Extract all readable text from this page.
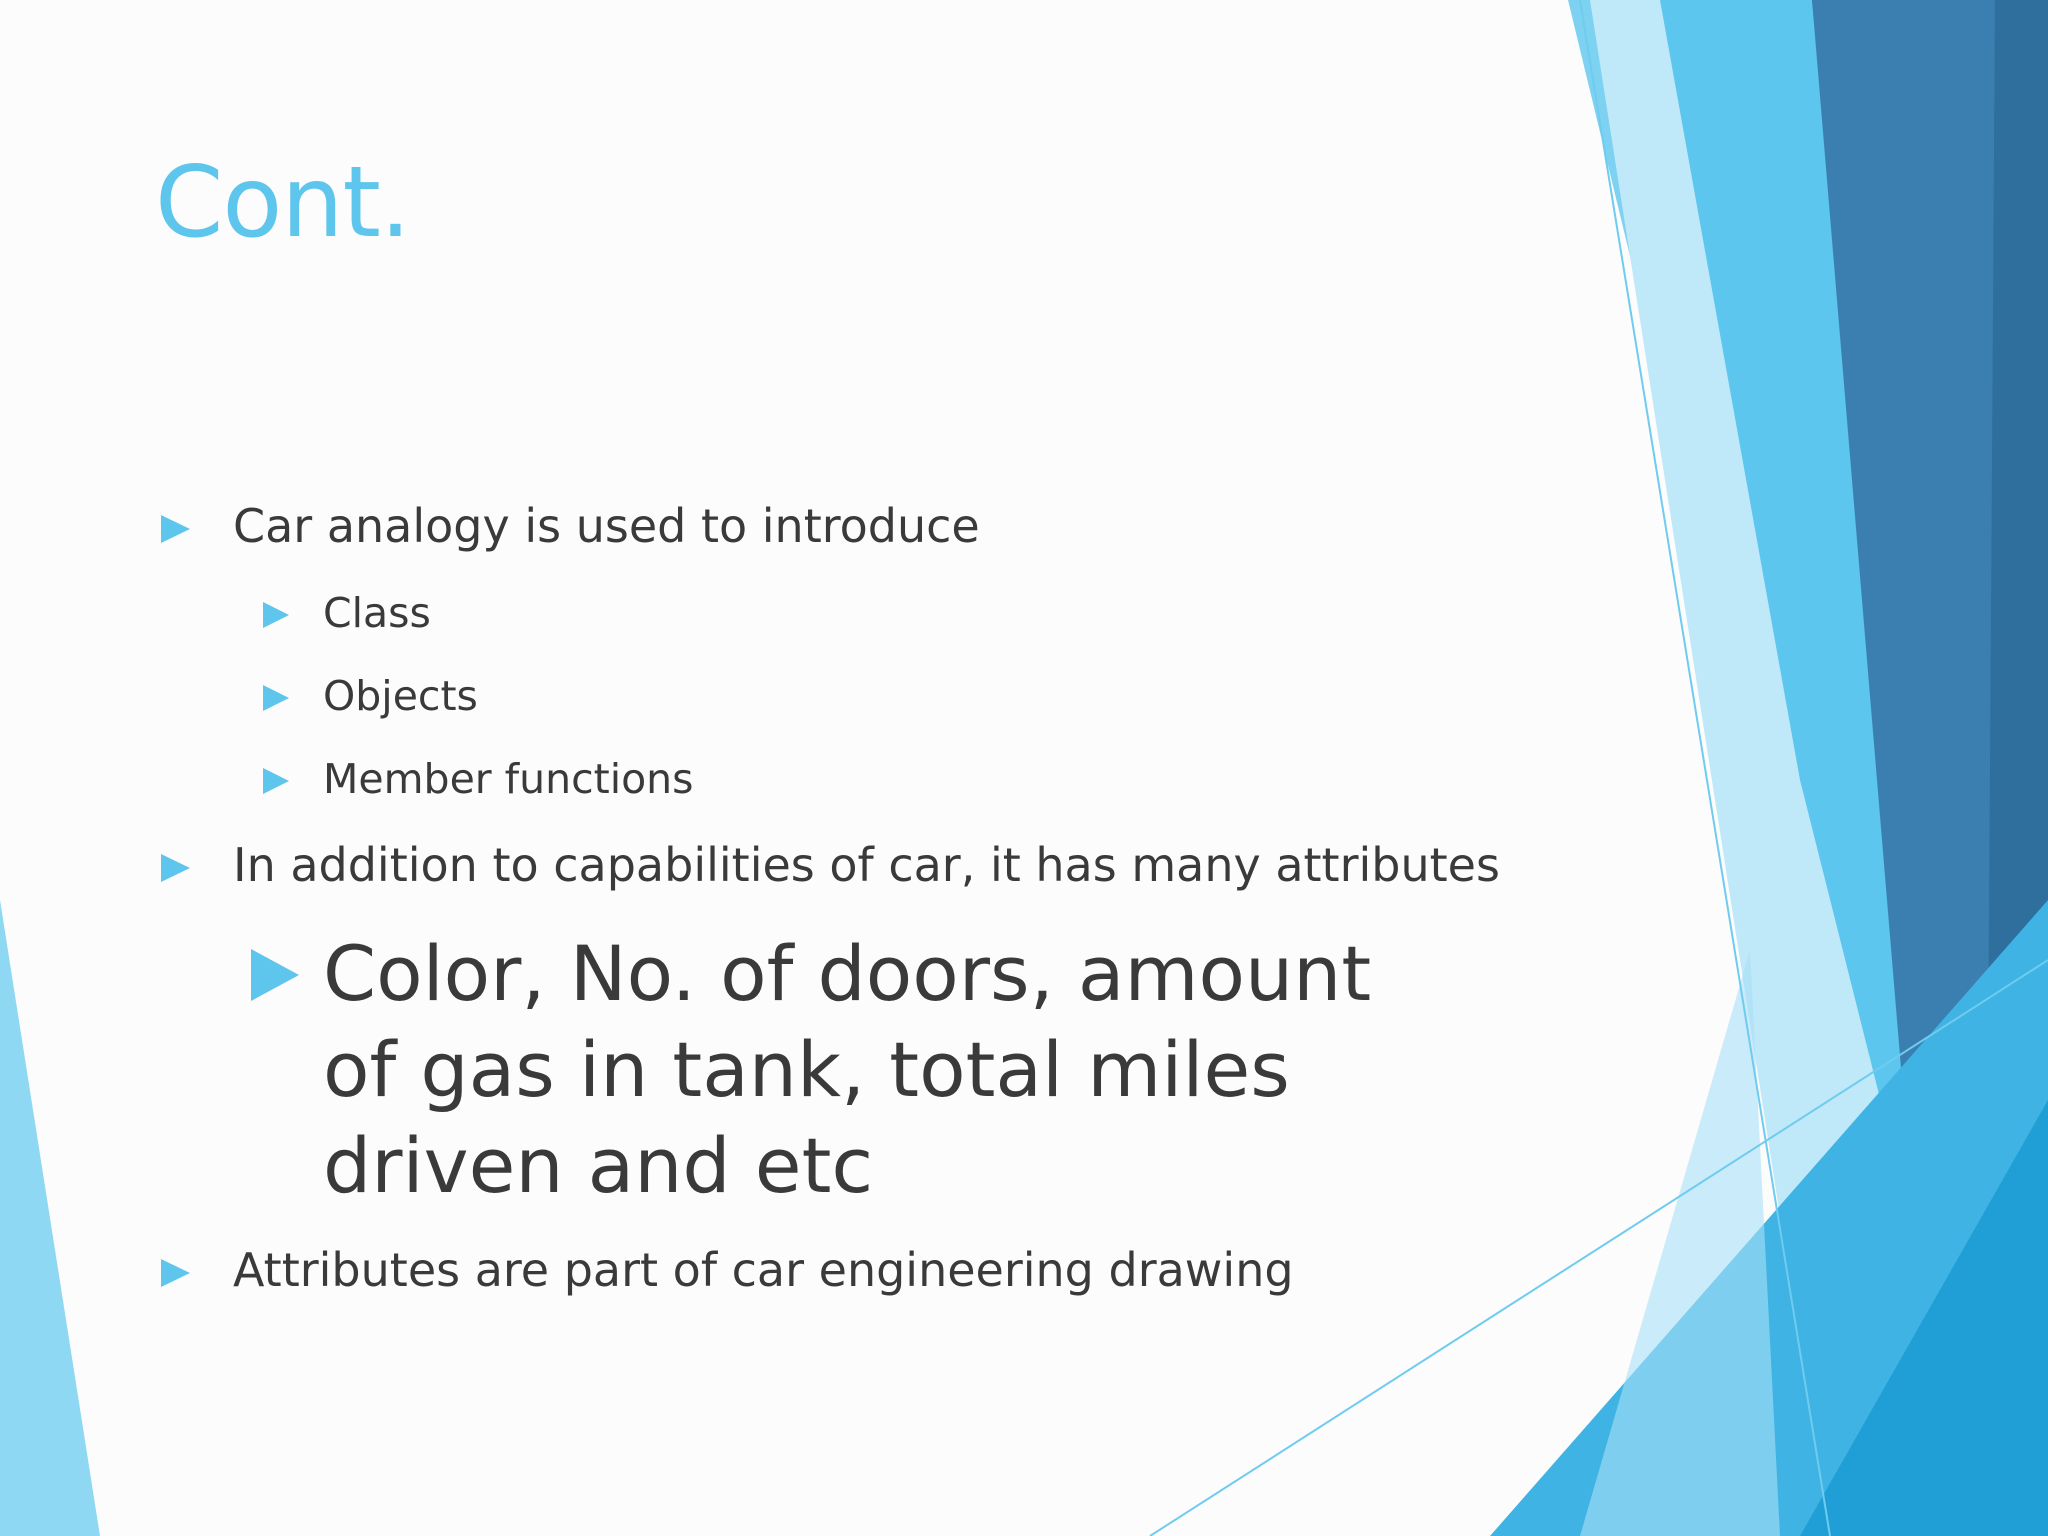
Cont.
Car analogy is used to introduce
Class
Objects
Member functions
In addition to capabilities of car, it has many attributes
Color, No. of doors, amount of gas in tank, total miles driven and etc
Attributes are part of car engineering drawing
